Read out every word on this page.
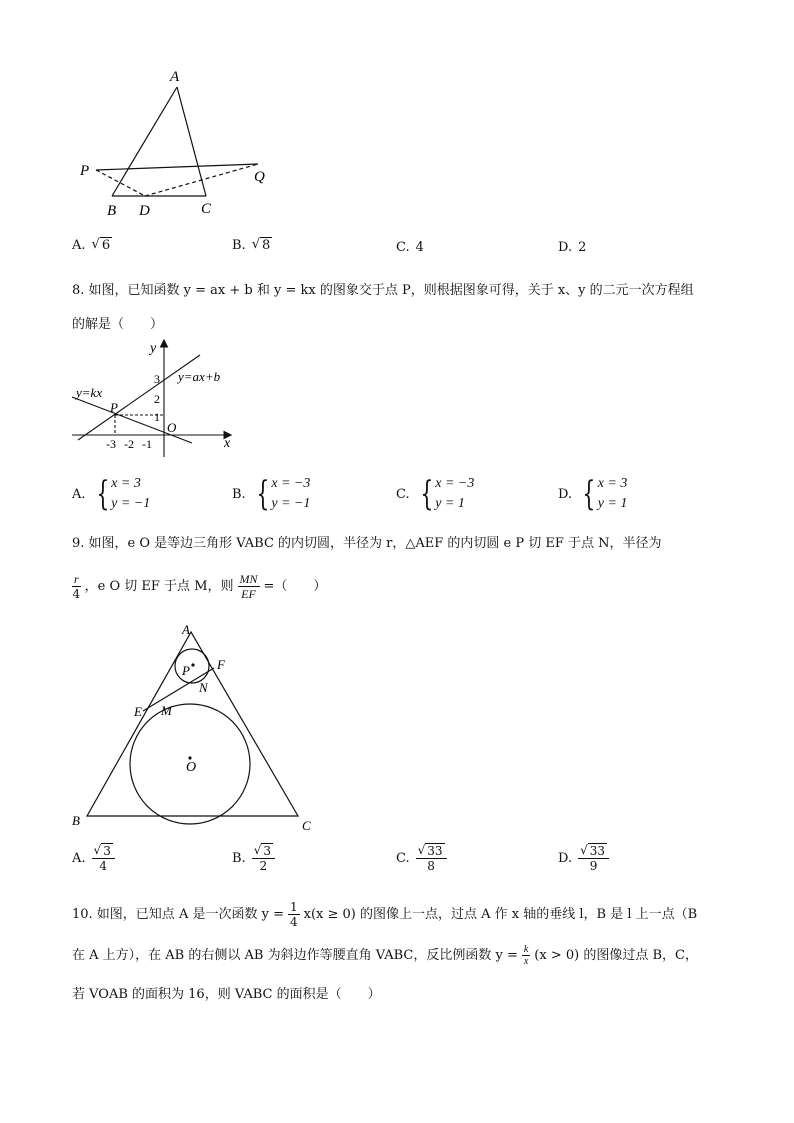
A
P	Q
B D	C
A. √ 6	B. √ 8	C. 4	D. 2
8. 如图，已知函数 y = ax + b 和 y = kx 的图象交于点 P，则根据图象可得，关于 x、y 的二元一次方程组
的解是（　　）
y
x
O
P
y=ax+b
y=kx
3
2
1
-3 -2 -1
A. { x = 3
y = −1
B. { x = −3
y = −1
C. { x = −3
y = 1
D. { x = 3
y = 1
9. 如图，e O 是等边三角形 VABC 的内切圆，半径为 r，△AEF 的内切圆 e P 切 EF 于点 N，半径为
$\frac{r}{4}$ ，e O 切 EF 于点 M，则 $\frac{MN}{EF}$ =（　　）
A
F
P
N
E M
O
B	C
A. $\frac{√ 3}{4}$	B. $\frac{√ 3}{2}$	C. $\frac{√ 33}{8}$	D. $\frac{√ 33}{9}$
10. 如图，已知点 A 是一次函数 $y = \frac{1}{4} x(x \ge 0)$ 的图像上一点，过点 A 作 x 轴的垂线 l，B 是 l 上一点（B
在 A 上方），在 AB 的右侧以 AB 为斜边作等腰直角 VABC，反比例函数 $y = \frac{k}{x} (x > 0)$ 的图像过点 B，C，
若 VOAB 的面积为 16，则 VABC 的面积是（　　）
